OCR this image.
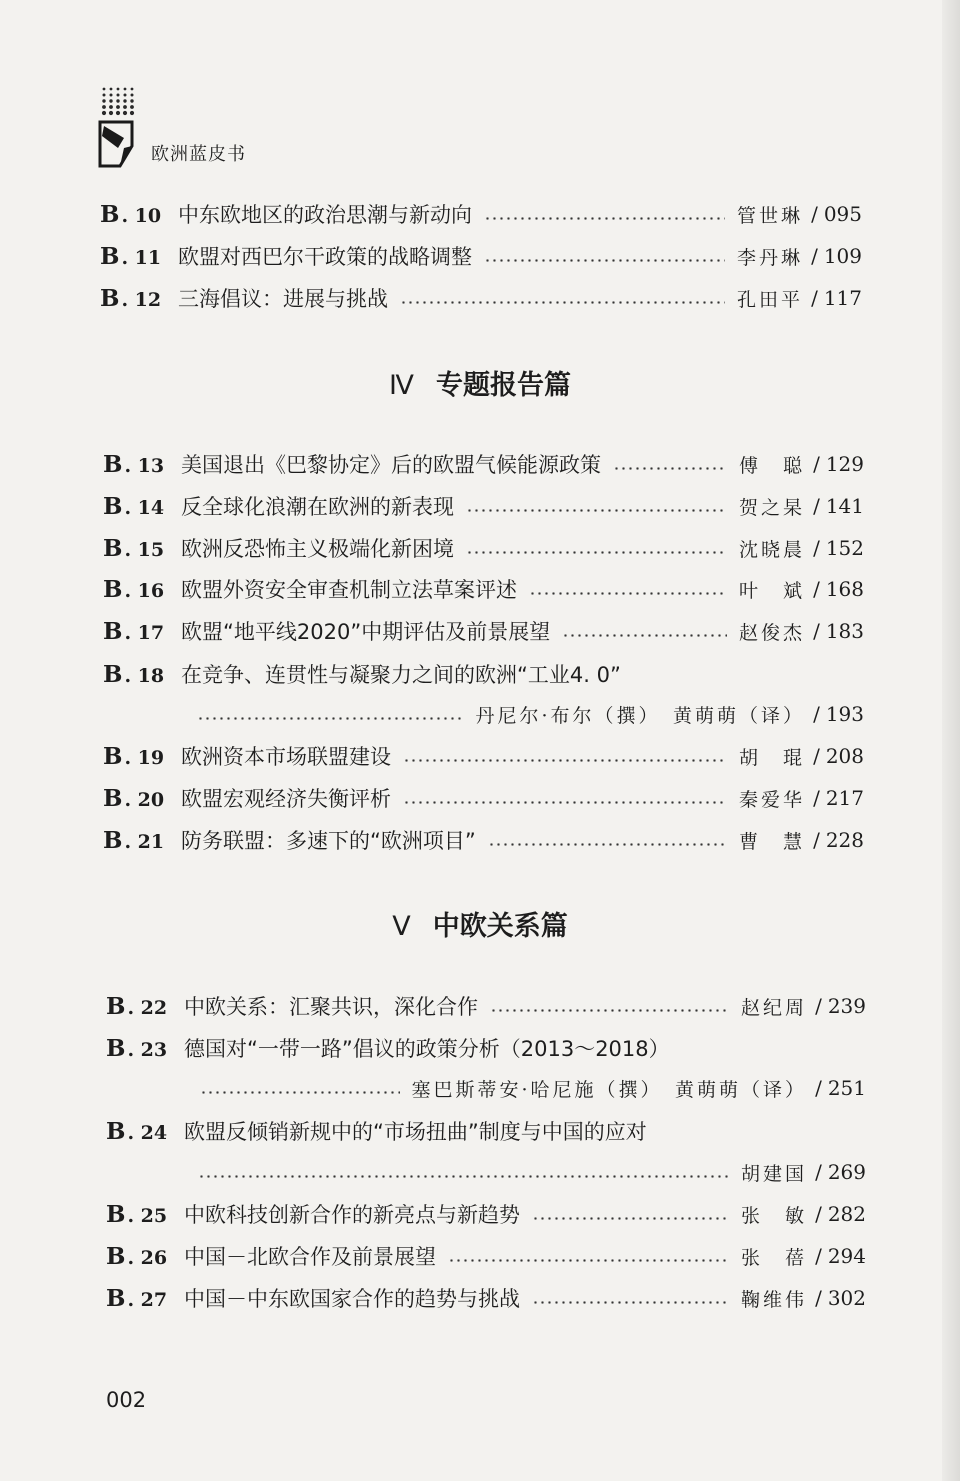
欧洲蓝皮书
B . 10 中东欧地区的政治思潮与新动向	管世琳 / 095
B . 11 欧盟对西巴尔干政策的战略调整	李丹琳 / 109
B . 12 三海倡议：进展与挑战	孔田平 / 117
Ⅳ 专题报告篇
B . 13 美国退出《巴黎协定》后的欧盟气候能源政策	傅　聪 / 129
B . 14 反全球化浪潮在欧洲的新表现	贺之杲 / 141
B . 15 欧洲反恐怖主义极端化新困境	沈晓晨 / 152
B . 16 欧盟外资安全审查机制立法草案评述	叶　斌 / 168
B . 17 欧盟“地平线2020”中期评估及前景展望	赵俊杰 / 183
B . 18 在竞争、连贯性与凝聚力之间的欧洲“工业4. 0”
丹尼尔·布尔（撰）　黄萌萌（译） / 193
B . 19 欧洲资本市场联盟建设	胡　琨 / 208
B . 20 欧盟宏观经济失衡评析	秦爱华 / 217
B . 21 防务联盟：多速下的“欧洲项目”	曹　慧 / 228
Ⅴ 中欧关系篇
B . 22 中欧关系：汇聚共识，深化合作	赵纪周 / 239
B . 23 德国对“一带一路”倡议的政策分析（2013～2018）
塞巴斯蒂安·哈尼施（撰）　黄萌萌（译） / 251
B . 24 欧盟反倾销新规中的“市场扭曲”制度与中国的应对
胡建国 / 269
B . 25 中欧科技创新合作的新亮点与新趋势	张　敏 / 282
B . 26 中国－北欧合作及前景展望	张　蓓 / 294
B . 27 中国－中东欧国家合作的趋势与挑战	鞠维伟 / 302
002
